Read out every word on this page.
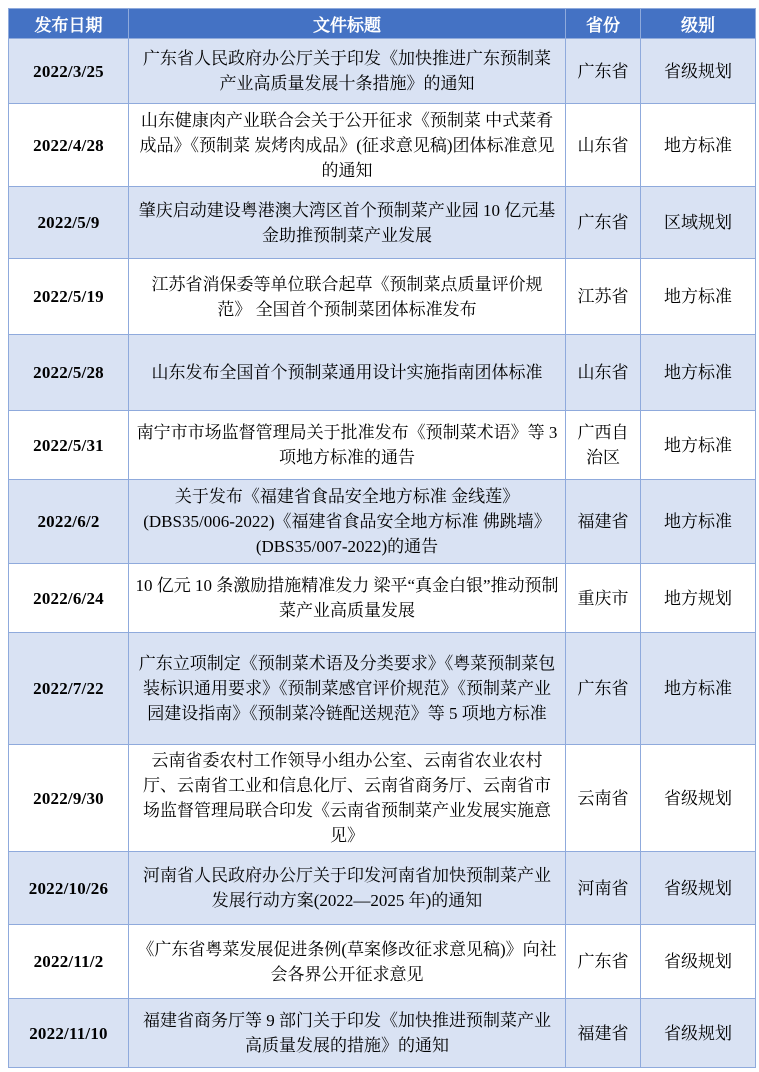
发布日期	文件标题	省份	级别
2022/3/25	广东省人民政府办公厅关于印发《加快推进广东预制菜产业高质量发展十条措施》的通知	广东省	省级规划
2022/4/28	山东健康肉产业联合会关于公开征求《预制菜 中式菜肴成品》《预制菜 炭烤肉成品》(征求意见稿)团体标准意见的通知	山东省	地方标准
2022/5/9	肇庆启动建设粤港澳大湾区首个预制菜产业园 10 亿元基金助推预制菜产业发展	广东省	区域规划
2022/5/19	江苏省消保委等单位联合起草《预制菜点质量评价规范》 全国首个预制菜团体标准发布	江苏省	地方标准
2022/5/28	山东发布全国首个预制菜通用设计实施指南团体标准	山东省	地方标准
2022/5/31	南宁市市场监督管理局关于批准发布《预制菜术语》等 3 项地方标准的通告	广西自治区	地方标准
2022/6/2	关于发布《福建省食品安全地方标准 金线莲》(DBS35/006-2022)《福建省食品安全地方标准 佛跳墙》(DBS35/007-2022)的通告	福建省	地方标准
2022/6/24	10 亿元 10 条激励措施精准发力 梁平“真金白银”推动预制菜产业高质量发展	重庆市	地方规划
2022/7/22	广东立项制定《预制菜术语及分类要求》《粤菜预制菜包装标识通用要求》《预制菜感官评价规范》《预制菜产业园建设指南》《预制菜冷链配送规范》等 5 项地方标准	广东省	地方标准
2022/9/30	云南省委农村工作领导小组办公室、云南省农业农村厅、云南省工业和信息化厅、云南省商务厅、云南省市场监督管理局联合印发《云南省预制菜产业发展实施意见》	云南省	省级规划
2022/10/26	河南省人民政府办公厅关于印发河南省加快预制菜产业发展行动方案(2022—2025 年)的通知	河南省	省级规划
2022/11/2	《广东省粤菜发展促进条例(草案修改征求意见稿)》向社会各界公开征求意见	广东省	省级规划
2022/11/10	福建省商务厅等 9 部门关于印发《加快推进预制菜产业高质量发展的措施》的通知	福建省	省级规划
